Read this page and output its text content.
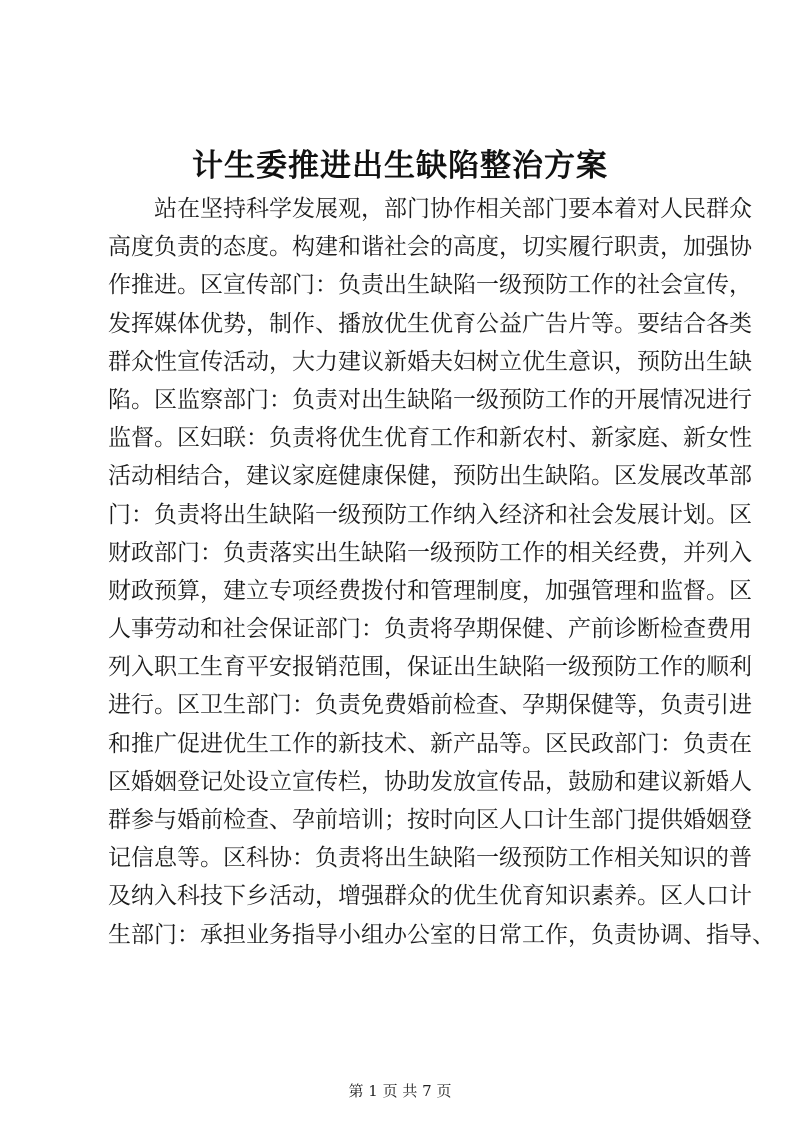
计生委推进出生缺陷整治方案
站在坚持科学发展观，部门协作相关部门要本着对人民群众
高度负责的态度。构建和谐社会的高度，切实履行职责，加强协
作推进。区宣传部门：负责出生缺陷一级预防工作的社会宣传，
发挥媒体优势，制作、播放优生优育公益广告片等。要结合各类
群众性宣传活动，大力建议新婚夫妇树立优生意识，预防出生缺
陷。区监察部门：负责对出生缺陷一级预防工作的开展情况进行
监督。区妇联：负责将优生优育工作和新农村、新家庭、新女性
活动相结合，建议家庭健康保健，预防出生缺陷。区发展改革部
门：负责将出生缺陷一级预防工作纳入经济和社会发展计划。区
财政部门：负责落实出生缺陷一级预防工作的相关经费，并列入
财政预算，建立专项经费拨付和管理制度，加强管理和监督。区
人事劳动和社会保证部门：负责将孕期保健、产前诊断检查费用
列入职工生育平安报销范围，保证出生缺陷一级预防工作的顺利
进行。区卫生部门：负责免费婚前检查、孕期保健等，负责引进
和推广促进优生工作的新技术、新产品等。区民政部门：负责在
区婚姻登记处设立宣传栏，协助发放宣传品，鼓励和建议新婚人
群参与婚前检查、孕前培训；按时向区人口计生部门提供婚姻登
记信息等。区科协：负责将出生缺陷一级预防工作相关知识的普
及纳入科技下乡活动，增强群众的优生优育知识素养。区人口计
生部门：承担业务指导小组办公室的日常工作，负责协调、指导、
第 1 页 共 7 页
